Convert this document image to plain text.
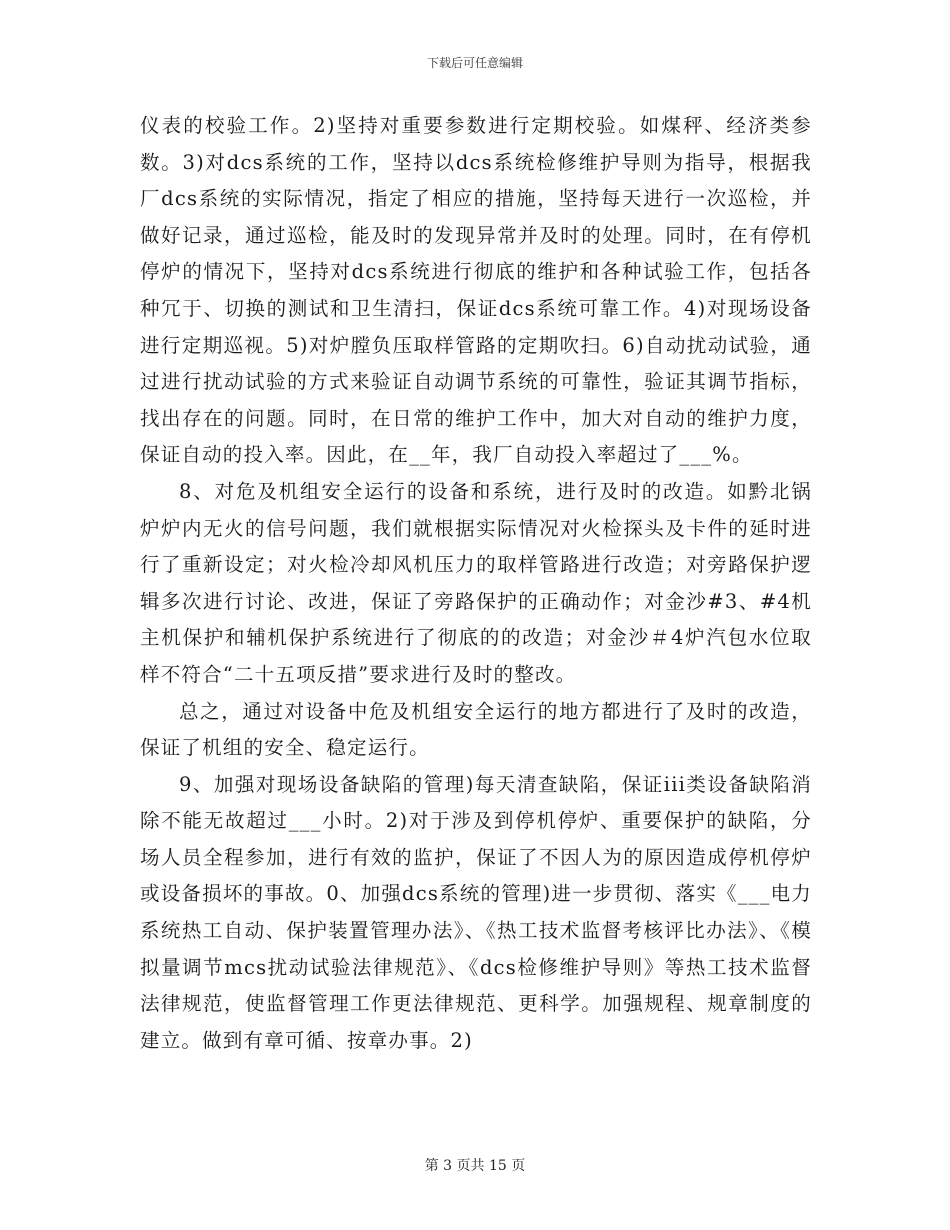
下载后可任意编辑

仪表的校验工作。2)坚持对重要参数进行定期校验。如煤秤、经济类参数。3)对dcs系统的工作，坚持以dcs系统检修维护导则为指导，根据我厂dcs系统的实际情况，指定了相应的措施，坚持每天进行一次巡检，并做好记录，通过巡检，能及时的发现异常并及时的处理。同时，在有停机停炉的情况下，坚持对dcs系统进行彻底的维护和各种试验工作，包括各种冗于、切换的测试和卫生清扫，保证dcs系统可靠工作。4)对现场设备进行定期巡视。5)对炉膛负压取样管路的定期吹扫。6)自动扰动试验，通过进行扰动试验的方式来验证自动调节系统的可靠性，验证其调节指标，找出存在的问题。同时，在日常的维护工作中，加大对自动的维护力度，保证自动的投入率。因此，在__年，我厂自动投入率超过了___%。

8、对危及机组安全运行的设备和系统，进行及时的改造。如黔北锅炉炉内无火的信号问题，我们就根据实际情况对火检探头及卡件的延时进行了重新设定；对火检冷却风机压力的取样管路进行改造；对旁路保护逻辑多次进行讨论、改进，保证了旁路保护的正确动作；对金沙#3、#4机主机保护和辅机保护系统进行了彻底的的改造；对金沙＃4炉汽包水位取样不符合“二十五项反措”要求进行及时的整改。

总之，通过对设备中危及机组安全运行的地方都进行了及时的改造，保证了机组的安全、稳定运行。

9、加强对现场设备缺陷的管理)每天清查缺陷，保证iii类设备缺陷消除不能无故超过___小时。2)对于涉及到停机停炉、重要保护的缺陷，分场人员全程参加，进行有效的监护，保证了不因人为的原因造成停机停炉或设备损坏的事故。0、加强dcs系统的管理)进一步贯彻、落实《___电力系统热工自动、保护装置管理办法》、《热工技术监督考核评比办法》、《模拟量调节mcs扰动试验法律规范》、《dcs检修维护导则》等热工技术监督法律规范，使监督管理工作更法律规范、更科学。加强规程、规章制度的建立。做到有章可循、按章办事。2)

第 3 页共 15 页
